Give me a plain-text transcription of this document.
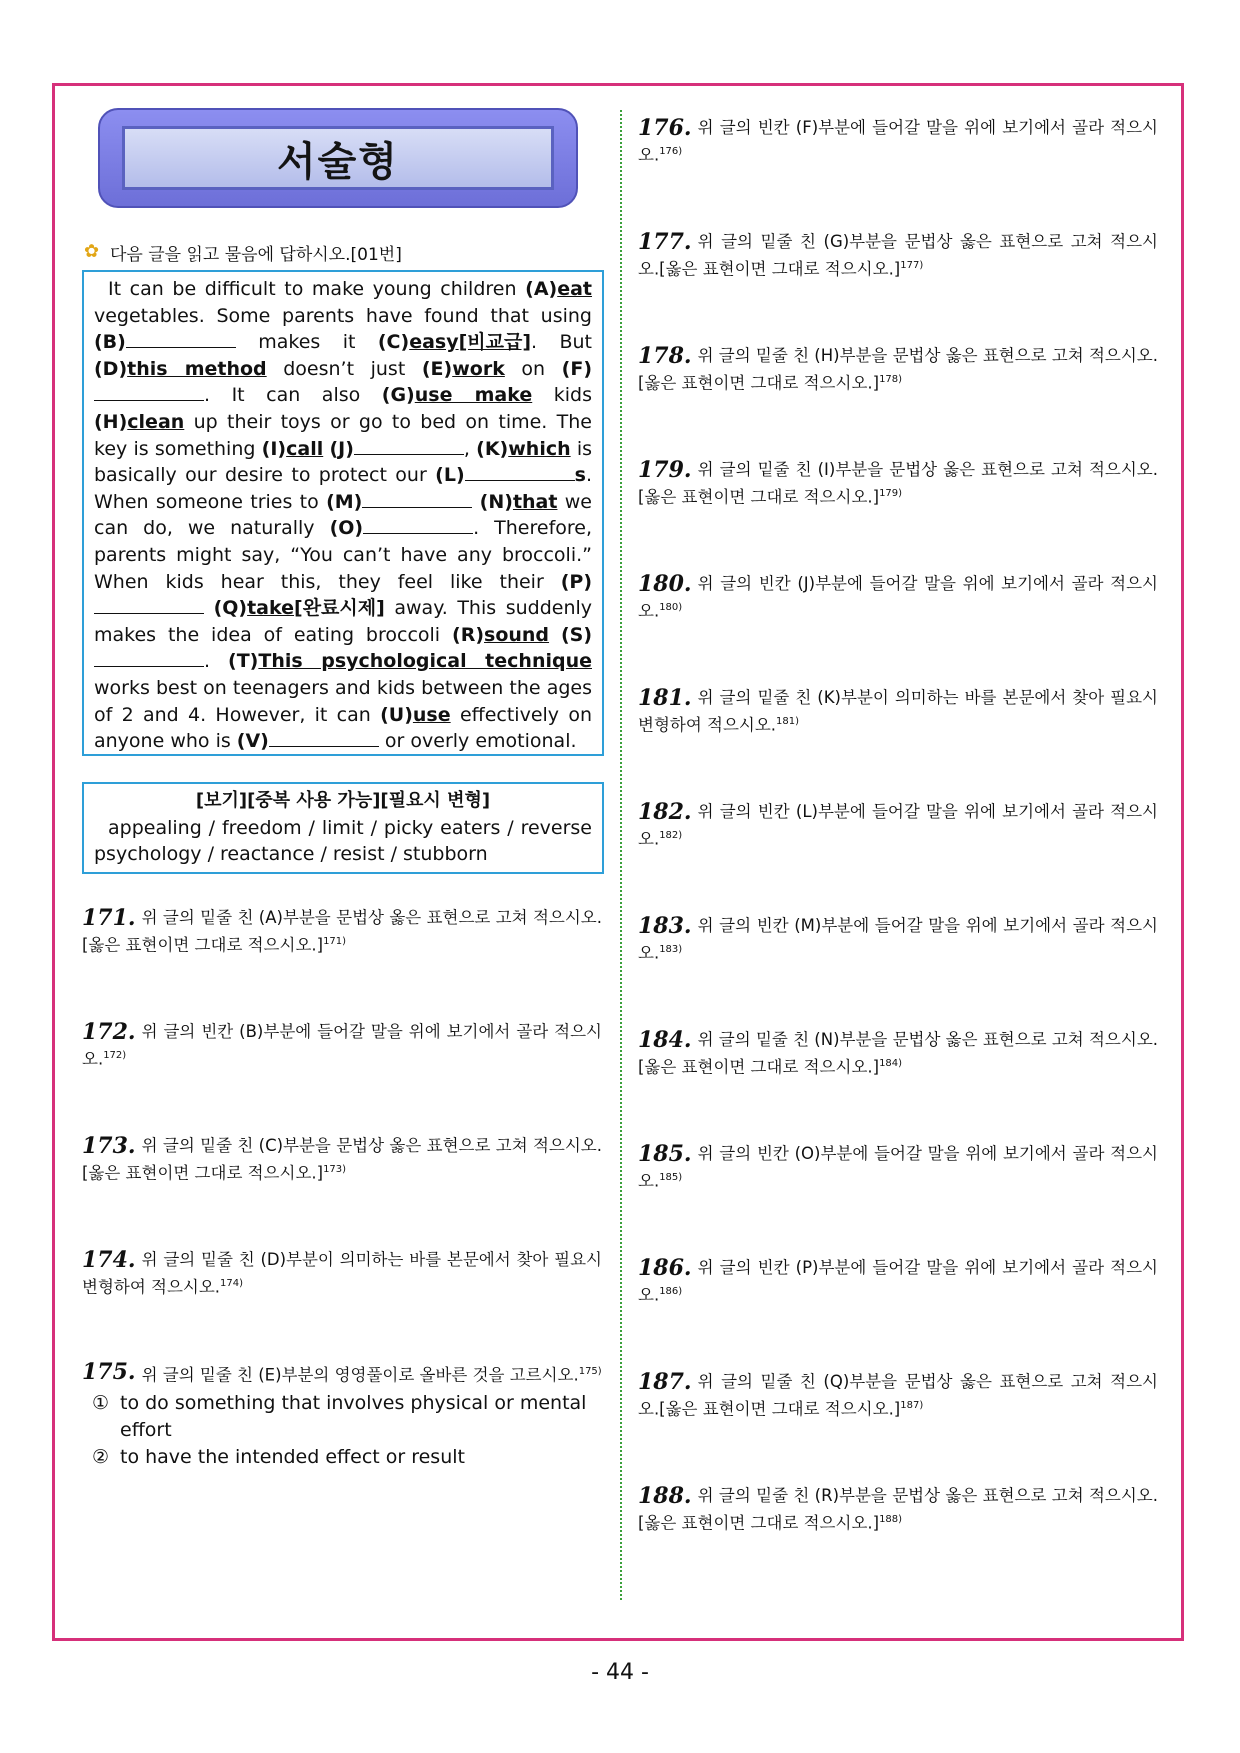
서술형
✿
다음 글을 읽고 물음에 답하시오.[01번]

It can be difficult to make young children (A)eat vegetables. Some parents have found that using (B)	makes it (C)easy[비교급]. But (D)this method doesn’t just (E)work on (F). It can also (G)use make kids (H)clean up their toys or go to bed on time. The key is something (I)call (J)	, (K)which is basically our desire to protect our (L)	s. When someone tries to (M)	(N)that we can do, we naturally (O)	. Therefore, parents might say, “You can’t have any broccoli.” When kids hear this, they feel like their (P) (Q)take[완료시제] away. This suddenly makes the idea of eating broccoli (R)sound (S). (T)This psychological technique works best on teenagers and kids between the ages of 2 and 4. However, it can (U)use effectively on anyone who is (V)	or overly emotional.

[보기][중복 사용 가능][필요시 변형]
appealing / freedom / limit / picky eaters / reverse psychology / reactance / resist / stubborn
171. 위 글의 밑줄 친 (A)부분을 문법상 옳은 표현으로 고쳐 적으시오.[옳은 표현이면 그대로 적으시오.]$^{171)}$
172. 위 글의 빈칸 (B)부분에 들어갈 말을 위에 보기에서 골라 적으시오.$^{172)}$
173. 위 글의 밑줄 친 (C)부분을 문법상 옳은 표현으로 고쳐 적으시오.[옳은 표현이면 그대로 적으시오.]$^{173)}$
174. 위 글의 밑줄 친 (D)부분이 의미하는 바를 본문에서 찾아 필요시 변형하여 적으시오.$^{174)}$
175. 위 글의 밑줄 친 (E)부분의 영영풀이로 올바른 것을 고르시오.$^{175)}$
① to do something that involves physical or mental effort
② to have the intended effect or result
176. 위 글의 빈칸 (F)부분에 들어갈 말을 위에 보기에서 골라 적으시오.$^{176)}$
177. 위 글의 밑줄 친 (G)부분을 문법상 옳은 표현으로 고쳐 적으시오.[옳은 표현이면 그대로 적으시오.]$^{177)}$
178. 위 글의 밑줄 친 (H)부분을 문법상 옳은 표현으로 고쳐 적으시오.[옳은 표현이면 그대로 적으시오.]$^{178)}$
179. 위 글의 밑줄 친 (I)부분을 문법상 옳은 표현으로 고쳐 적으시오.[옳은 표현이면 그대로 적으시오.]$^{179)}$
180. 위 글의 빈칸 (J)부분에 들어갈 말을 위에 보기에서 골라 적으시오.$^{180)}$
181. 위 글의 밑줄 친 (K)부분이 의미하는 바를 본문에서 찾아 필요시 변형하여 적으시오.$^{181)}$
182. 위 글의 빈칸 (L)부분에 들어갈 말을 위에 보기에서 골라 적으시오.$^{182)}$
183. 위 글의 빈칸 (M)부분에 들어갈 말을 위에 보기에서 골라 적으시오.$^{183)}$
184. 위 글의 밑줄 친 (N)부분을 문법상 옳은 표현으로 고쳐 적으시오.[옳은 표현이면 그대로 적으시오.]$^{184)}$
185. 위 글의 빈칸 (O)부분에 들어갈 말을 위에 보기에서 골라 적으시오.$^{185)}$
186. 위 글의 빈칸 (P)부분에 들어갈 말을 위에 보기에서 골라 적으시오.$^{186)}$
187. 위 글의 밑줄 친 (Q)부분을 문법상 옳은 표현으로 고쳐 적으시오.[옳은 표현이면 그대로 적으시오.]$^{187)}$
188. 위 글의 밑줄 친 (R)부분을 문법상 옳은 표현으로 고쳐 적으시오.[옳은 표현이면 그대로 적으시오.]$^{188)}$
- 44 -
